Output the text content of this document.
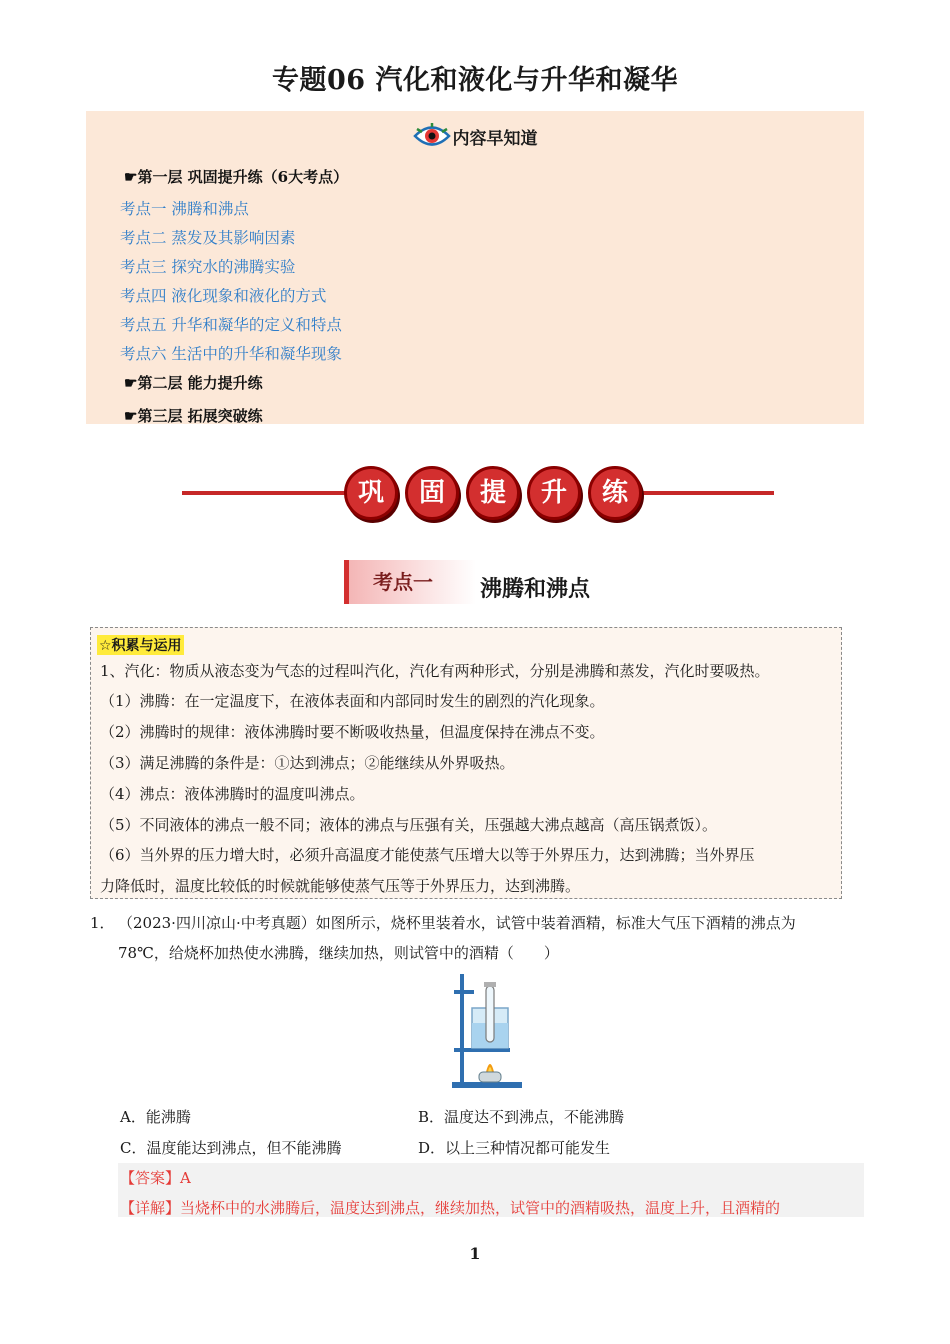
专题06 汽化和液化与升华和凝华
内容早知道
☛第一层 巩固提升练（6大考点）
考点一 沸腾和沸点
考点二 蒸发及其影响因素
考点三 探究水的沸腾实验
考点四 液化现象和液化的方式
考点五 升华和凝华的定义和特点
考点六 生活中的升华和凝华现象
☛第二层 能力提升练
☛第三层 拓展突破练
巩	固	提	升	练
考点一	沸腾和沸点
☆积累与运用
1、汽化：物质从液态变为气态的过程叫汽化，汽化有两种形式，分别是沸腾和蒸发，汽化时要吸热。
（1）沸腾：在一定温度下，在液体表面和内部同时发生的剧烈的汽化现象。
（2）沸腾时的规律：液体沸腾时要不断吸收热量，但温度保持在沸点不变。
（3）满足沸腾的条件是：①达到沸点；②能继续从外界吸热。
（4）沸点：液体沸腾时的温度叫沸点。
（5）不同液体的沸点一般不同；液体的沸点与压强有关，压强越大沸点越高（高压锅煮饭）。
（6）当外界的压力增大时，必须升高温度才能使蒸气压增大以等于外界压力，达到沸腾；当外界压
力降低时，温度比较低的时候就能够使蒸气压等于外界压力，达到沸腾。
1． （2023·四川凉山·中考真题）如图所示，烧杯里装着水，试管中装着酒精，标准大气压下酒精的沸点为
78℃，给烧杯加热使水沸腾，继续加热，则试管中的酒精（　　）
A．能沸腾	B．温度达不到沸点，不能沸腾
C．温度能达到沸点，但不能沸腾	D．以上三种情况都可能发生
【答案】A
【详解】当烧杯中的水沸腾后，温度达到沸点，继续加热，试管中的酒精吸热，温度上升，且酒精的
1
